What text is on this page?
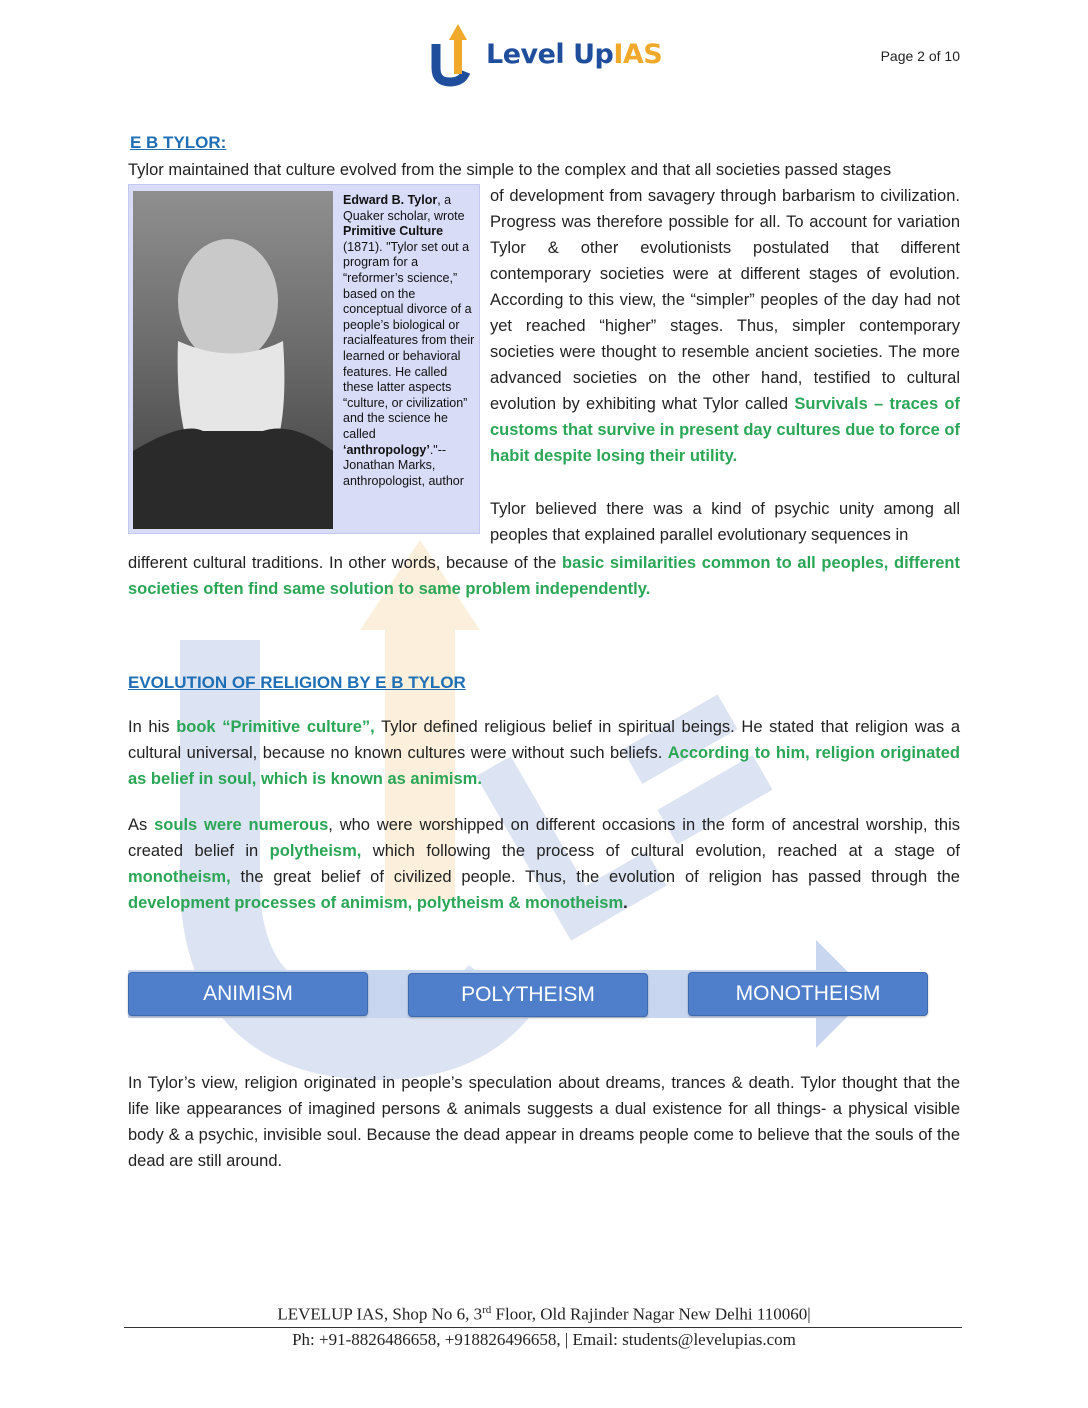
Level UpIAS	Page 2 of 10
E B TYLOR:
Tylor maintained that culture evolved from the simple to the complex and that all societies passed stages
Edward B. Tylor, a Quaker scholar, wrote Primitive Culture (1871). "Tylor set out a program for a “reformer’s science,” based on the conceptual divorce of a people’s biological or racialfeatures from their learned or behavioral features. He called these latter aspects “culture, or civilization” and the science he called ‘anthropology’."-- Jonathan Marks, anthropologist, author
of development from savagery through barbarism to civilization. Progress was therefore possible for all. To account for variation Tylor & other evolutionists postulated that different contemporary societies were at different stages of evolution. According to this view, the “simpler” peoples of the day had not yet reached “higher” stages. Thus, simpler contemporary societies were thought to resemble ancient societies. The more advanced societies on the other hand, testified to cultural evolution by exhibiting what Tylor called Survivals – traces of customs that survive in present day cultures due to force of habit despite losing their utility.
Tylor believed there was a kind of psychic unity among all peoples that explained parallel evolutionary sequences in
different cultural traditions. In other words, because of the basic similarities common to all peoples, different societies often find same solution to same problem independently.
EVOLUTION OF RELIGION BY E B TYLOR
In his book “Primitive culture”, Tylor defined religious belief in spiritual beings. He stated that religion was a cultural universal, because no known cultures were without such beliefs. According to him, religion originated as belief in soul, which is known as animism.
As souls were numerous, who were worshipped on different occasions in the form of ancestral worship, this created belief in polytheism, which following the process of cultural evolution, reached at a stage of monotheism, the great belief of civilized people. Thus, the evolution of religion has passed through the development processes of animism, polytheism & monotheism.
ANIMISM	POLYTHEISM	MONOTHEISM
In Tylor’s view, religion originated in people’s speculation about dreams, trances & death. Tylor thought that the life like appearances of imagined persons & animals suggests a dual existence for all things- a physical visible body & a psychic, invisible soul. Because the dead appear in dreams people come to believe that the souls of the dead are still around.
LEVELUP IAS, Shop No 6, 3rd Floor, Old Rajinder Nagar New Delhi 110060|
Ph: +91-8826486658, +918826496658, | Email: students@levelupias.com
